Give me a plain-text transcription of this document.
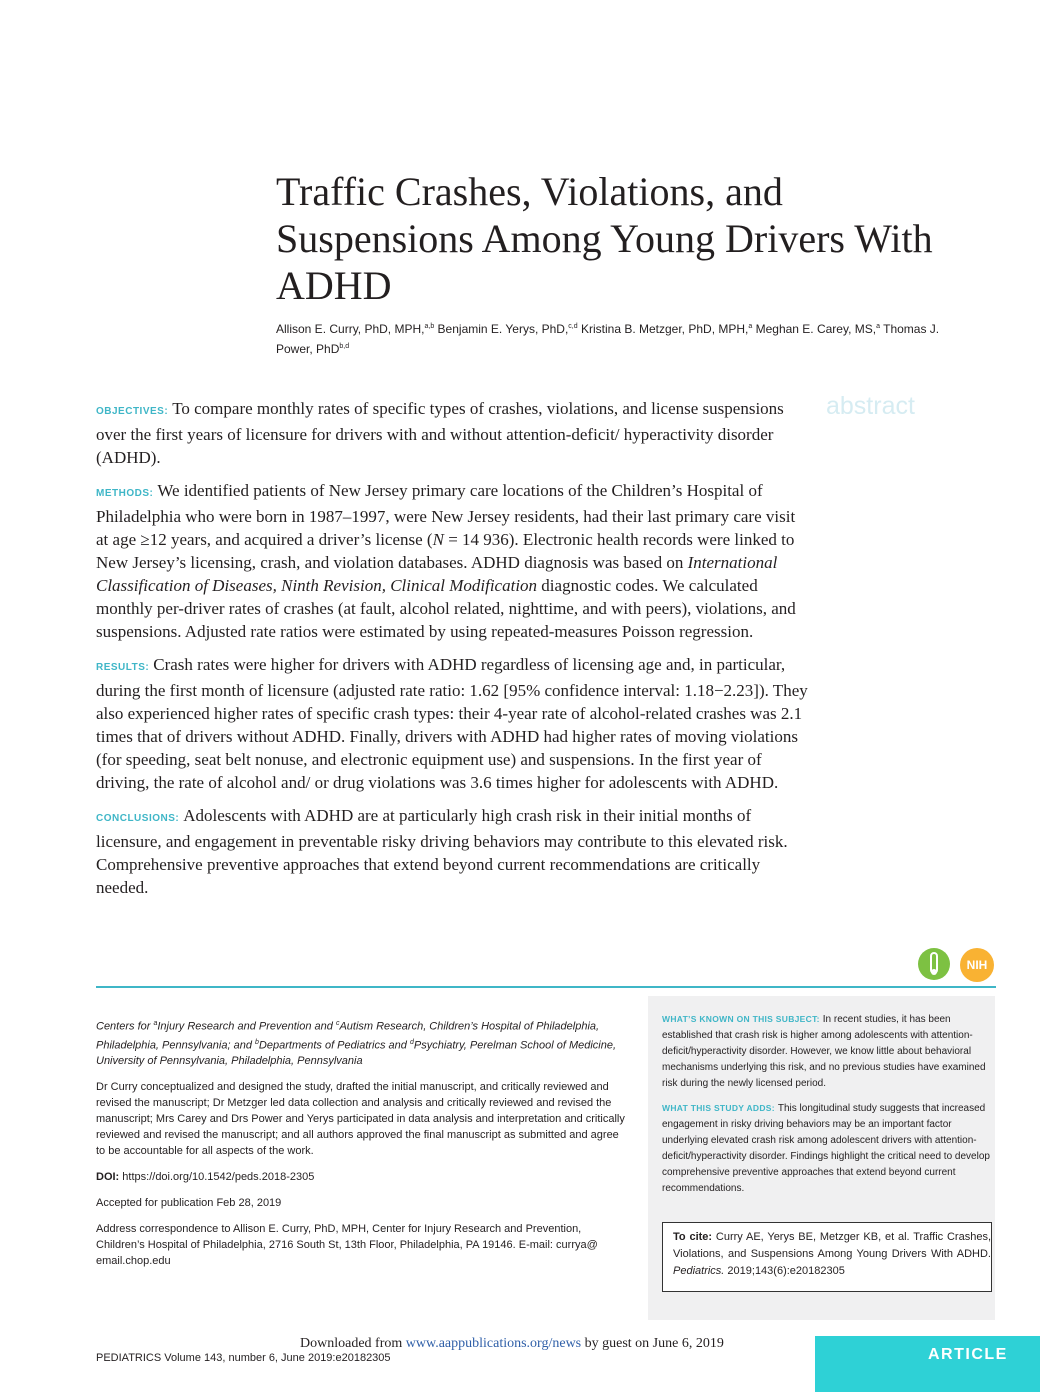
Traffic Crashes, Violations, and Suspensions Among Young Drivers With ADHD
Allison E. Curry, PhD, MPH,$^{a,b}$ Benjamin E. Yerys, PhD,$^{c,d}$ Kristina B. Metzger, PhD, MPH,$^a$ Meghan E. Carey, MS,$^a$ Thomas J. Power, PhD$^{b,d}$
abstract

OBJECTIVES: To compare monthly rates of specific types of crashes, violations, and license suspensions over the first years of licensure for drivers with and without attention-deficit/ hyperactivity disorder (ADHD).

METHODS: We identified patients of New Jersey primary care locations of the Children’s Hospital of Philadelphia who were born in 1987–1997, were New Jersey residents, had their last primary care visit at age ≥12 years, and acquired a driver’s license (N = 14 936). Electronic health records were linked to New Jersey’s licensing, crash, and violation databases. ADHD diagnosis was based on International Classification of Diseases, Ninth Revision, Clinical Modification diagnostic codes. We calculated monthly per-driver rates of crashes (at fault, alcohol related, nighttime, and with peers), violations, and suspensions. Adjusted rate ratios were estimated by using repeated-measures Poisson regression.

RESULTS: Crash rates were higher for drivers with ADHD regardless of licensing age and, in particular, during the first month of licensure (adjusted rate ratio: 1.62 [95% confidence interval: 1.18−2.23]). They also experienced higher rates of specific crash types: their 4-year rate of alcohol-related crashes was 2.1 times that of drivers without ADHD. Finally, drivers with ADHD had higher rates of moving violations (for speeding, seat belt nonuse, and electronic equipment use) and suspensions. In the first year of driving, the rate of alcohol and/ or drug violations was 3.6 times higher for adolescents with ADHD.

CONCLUSIONS: Adolescents with ADHD are at particularly high crash risk in their initial months of licensure, and engagement in preventable risky driving behaviors may contribute to this elevated risk. Comprehensive preventive approaches that extend beyond current recommendations are critically needed.

NIH

Centers for $^a$Injury Research and Prevention and $^c$Autism Research, Children’s Hospital of Philadelphia, Philadelphia, Pennsylvania; and $^b$Departments of Pediatrics and $^d$Psychiatry, Perelman School of Medicine, University of Pennsylvania, Philadelphia, Pennsylvania

Dr Curry conceptualized and designed the study, drafted the initial manuscript, and critically reviewed and revised the manuscript; Dr Metzger led data collection and analysis and critically reviewed and revised the manuscript; Mrs Carey and Drs Power and Yerys participated in data analysis and interpretation and critically reviewed and revised the manuscript; and all authors approved the final manuscript as submitted and agree to be accountable for all aspects of the work.

DOI: https://doi.org/10.1542/peds.2018-2305

Accepted for publication Feb 28, 2019

Address correspondence to Allison E. Curry, PhD, MPH, Center for Injury Research and Prevention, Children’s Hospital of Philadelphia, 2716 South St, 13th Floor, Philadelphia, PA 19146. E-mail: currya@ email.chop.edu

WHAT’S KNOWN ON THIS SUBJECT: In recent studies, it has been established that crash risk is higher among adolescents with attention-deficit/hyperactivity disorder. However, we know little about behavioral mechanisms underlying this risk, and no previous studies have examined risk during the newly licensed period.

WHAT THIS STUDY ADDS: This longitudinal study suggests that increased engagement in risky driving behaviors may be an important factor underlying elevated crash risk among adolescent drivers with attention-deficit/hyperactivity disorder. Findings highlight the critical need to develop comprehensive preventive approaches that extend beyond current recommendations.

To cite: Curry AE, Yerys BE, Metzger KB, et al. Traffic Crashes, Violations, and Suspensions Among Young Drivers With ADHD. Pediatrics. 2019;143(6):e20182305
ARTICLE
Downloaded from www.aappublications.org/news by guest on June 6, 2019
PEDIATRICS Volume 143, number 6, June 2019:e20182305
